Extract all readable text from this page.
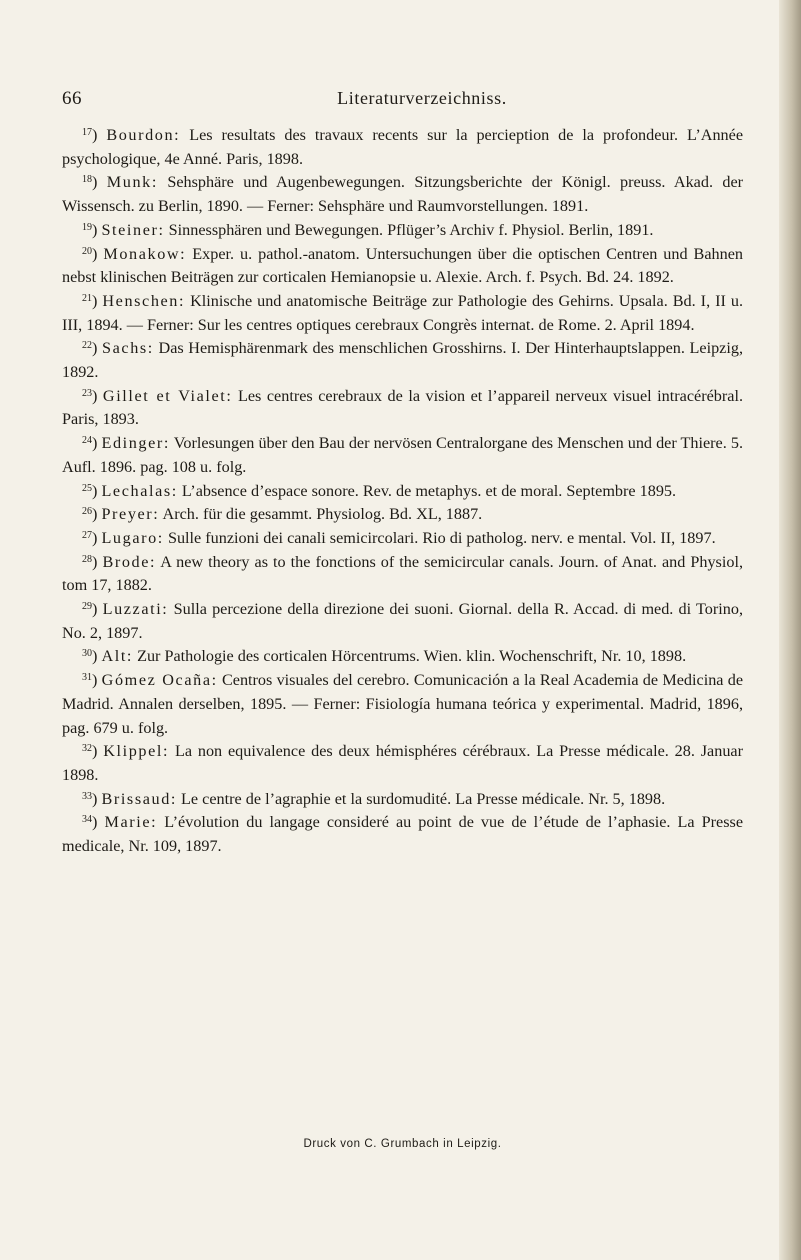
66	Literaturverzeichniss.

$^{17}$) Bourdon: Les resultats des travaux recents sur la percieption de la profondeur. L’Année psychologique, 4e Anné. Paris, 1898.

$^{18}$) Munk: Sehsphäre und Augenbewegungen. Sitzungsberichte der Königl. preuss. Akad. der Wissensch. zu Berlin, 1890. — Ferner: Sehsphäre und Raumvorstellungen. 1891.

$^{19}$) Steiner: Sinnessphären und Bewegungen. Pflüger’s Archiv f. Physiol. Berlin, 1891.

$^{20}$) Monakow: Exper. u. pathol.-anatom. Untersuchungen über die optischen Centren und Bahnen nebst klinischen Beiträgen zur corticalen Hemianopsie u. Alexie. Arch. f. Psych. Bd. 24. 1892.

$^{21}$) Henschen: Klinische und anatomische Beiträge zur Pathologie des Gehirns. Upsala. Bd. I, II u. III, 1894. — Ferner: Sur les centres optiques cerebraux Congrès internat. de Rome. 2. April 1894.

$^{22}$) Sachs: Das Hemisphärenmark des menschlichen Grosshirns. I. Der Hinterhauptslappen. Leipzig, 1892.

$^{23}$) Gillet et Vialet: Les centres cerebraux de la vision et l’appareil nerveux visuel intracérébral. Paris, 1893.

$^{24}$) Edinger: Vorlesungen über den Bau der nervösen Centralorgane des Menschen und der Thiere. 5. Aufl. 1896. pag. 108 u. folg.

$^{25}$) Lechalas: L’absence d’espace sonore. Rev. de metaphys. et de moral. Septembre 1895.

$^{26}$) Preyer: Arch. für die gesammt. Physiolog. Bd. XL, 1887.

$^{27}$) Lugaro: Sulle funzioni dei canali semicircolari. Rio di patholog. nerv. e mental. Vol. II, 1897.

$^{28}$) Brode: A new theory as to the fonctions of the semicircular canals. Journ. of Anat. and Physiol, tom 17, 1882.

$^{29}$) Luzzati: Sulla percezione della direzione dei suoni. Giornal. della R. Accad. di med. di Torino, No. 2, 1897.

$^{30}$) Alt: Zur Pathologie des corticalen Hörcentrums. Wien. klin. Wochenschrift, Nr. 10, 1898.

$^{31}$) Gómez Ocaña: Centros visuales del cerebro. Comunicación a la Real Academia de Medicina de Madrid. Annalen derselben, 1895. — Ferner: Fisiología humana teórica y experimental. Madrid, 1896, pag. 679 u. folg.

$^{32}$) Klippel: La non equivalence des deux hémisphéres cérébraux. La Presse médicale. 28. Januar 1898.

$^{33}$) Brissaud: Le centre de l’agraphie et la surdomudité. La Presse médicale. Nr. 5, 1898.

$^{34}$) Marie: L’évolution du langage consideré au point de vue de l’étude de l’aphasie. La Presse medicale, Nr. 109, 1897.

Druck von C. Grumbach in Leipzig.
